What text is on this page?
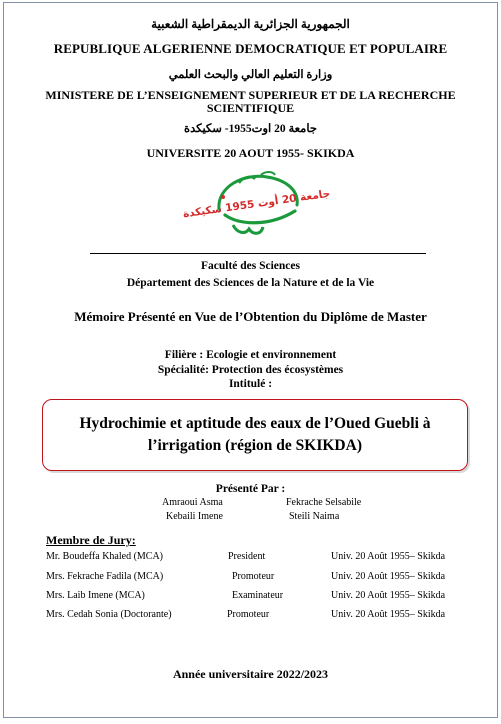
الجمهورية الجزائرية الديمقراطية الشعبية
REPUBLIQUE ALGERIENNE DEMOCRATIQUE ET POPULAIRE
وزارة التعليم العالي والبحث العلمي
MINISTERE DE L’ENSEIGNEMENT SUPERIEUR ET DE LA RECHERCHE SCIENTIFIQUE
جامعة 20 اوت1955- سكيكدة
UNIVERSITE 20 AOUT 1955- SKIKDA
جامعة 20 أوت 1955 سكيكدة
Faculté des Sciences
Département des Sciences de la Nature et de la Vie
Mémoire Présenté en Vue de l’Obtention du Diplôme de Master
Filière : Ecologie et environnement
Spécialité: Protection des écosystèmes
Intitulé :
Hydrochimie et aptitude des eaux de l’Oued Guebli à
l’irrigation (région de SKIKDA)
Présenté Par :
Amraoui Asma	Fekrache Selsabile
Kebaili Imene	Steili Naima
Membre de Jury:
Mr. Boudeffa Khaled (MCA)	President	Univ. 20 Août 1955– Skikda
Mrs. Fekrache Fadila (MCA)	Promoteur	Univ. 20 Août 1955– Skikda
Mrs. Laib Imene (MCA)	Examinateur	Univ. 20 Août 1955– Skikda
Mrs. Cedah Sonia (Doctorante)	Promoteur	Univ. 20 Août 1955– Skikda
Année universitaire 2022/2023
